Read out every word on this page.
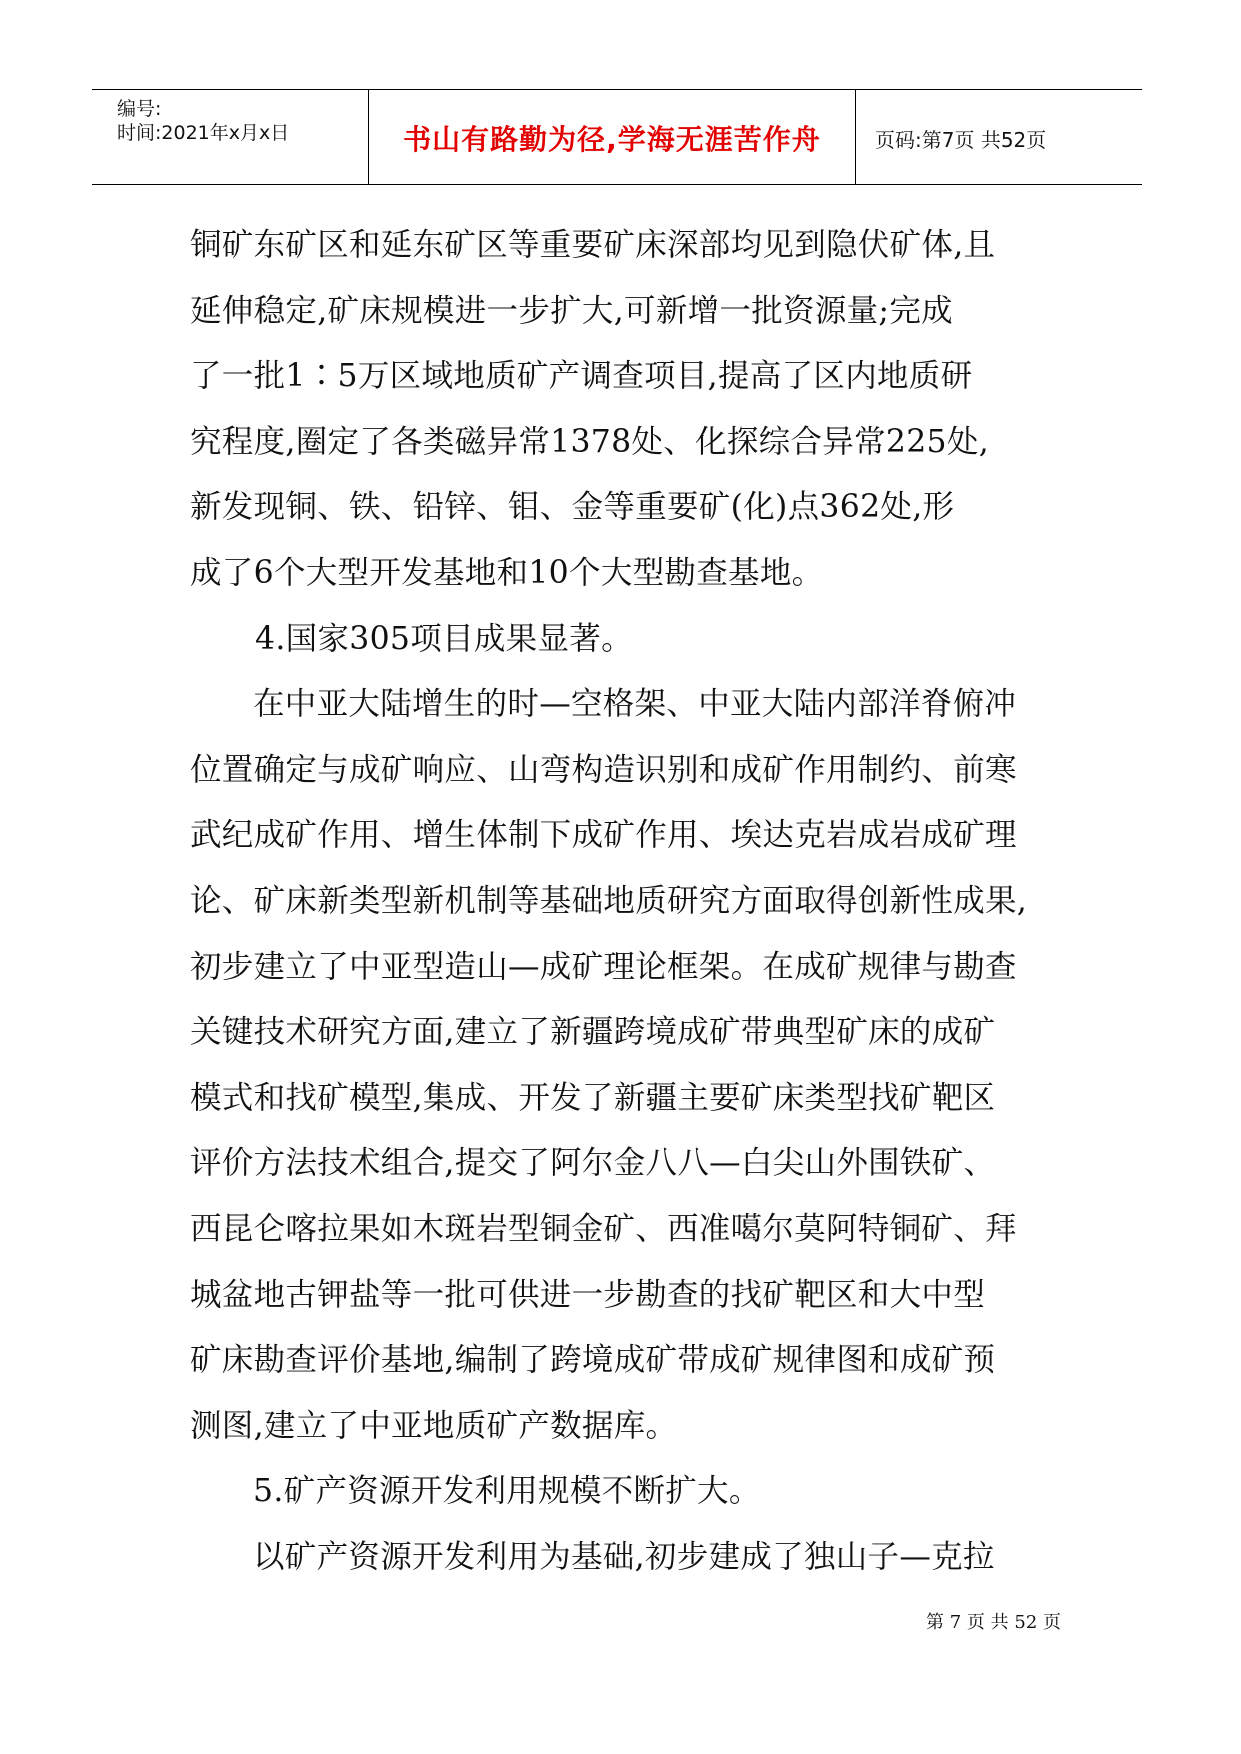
编号:
时间:2021年x月x日	书山有路勤为径,学海无涯苦作舟	页码:第7页 共52页
铜矿东矿区和延东矿区等重要矿床深部均见到隐伏矿体,且
延伸稳定,矿床规模进一步扩大,可新增一批资源量;完成
了一批1∶5万区域地质矿产调查项目,提高了区内地质研
究程度,圈定了各类磁异常1378处、化探综合异常225处,
新发现铜、铁、铅锌、钼、金等重要矿(化)点362处,形
成了6个大型开发基地和10个大型勘查基地。
4.国家305项目成果显著。
在中亚大陆增生的时—空格架、中亚大陆内部洋脊俯冲
位置确定与成矿响应、山弯构造识别和成矿作用制约、前寒
武纪成矿作用、增生体制下成矿作用、埃达克岩成岩成矿理
论、矿床新类型新机制等基础地质研究方面取得创新性成果,
初步建立了中亚型造山—成矿理论框架。在成矿规律与勘查
关键技术研究方面,建立了新疆跨境成矿带典型矿床的成矿
模式和找矿模型,集成、开发了新疆主要矿床类型找矿靶区
评价方法技术组合,提交了阿尔金八八—白尖山外围铁矿、
西昆仑喀拉果如木斑岩型铜金矿、西准噶尔莫阿特铜矿、拜
城盆地古钾盐等一批可供进一步勘查的找矿靶区和大中型
矿床勘查评价基地,编制了跨境成矿带成矿规律图和成矿预
测图,建立了中亚地质矿产数据库。
5.矿产资源开发利用规模不断扩大。
以矿产资源开发利用为基础,初步建成了独山子—克拉
第 7 页 共 52 页
